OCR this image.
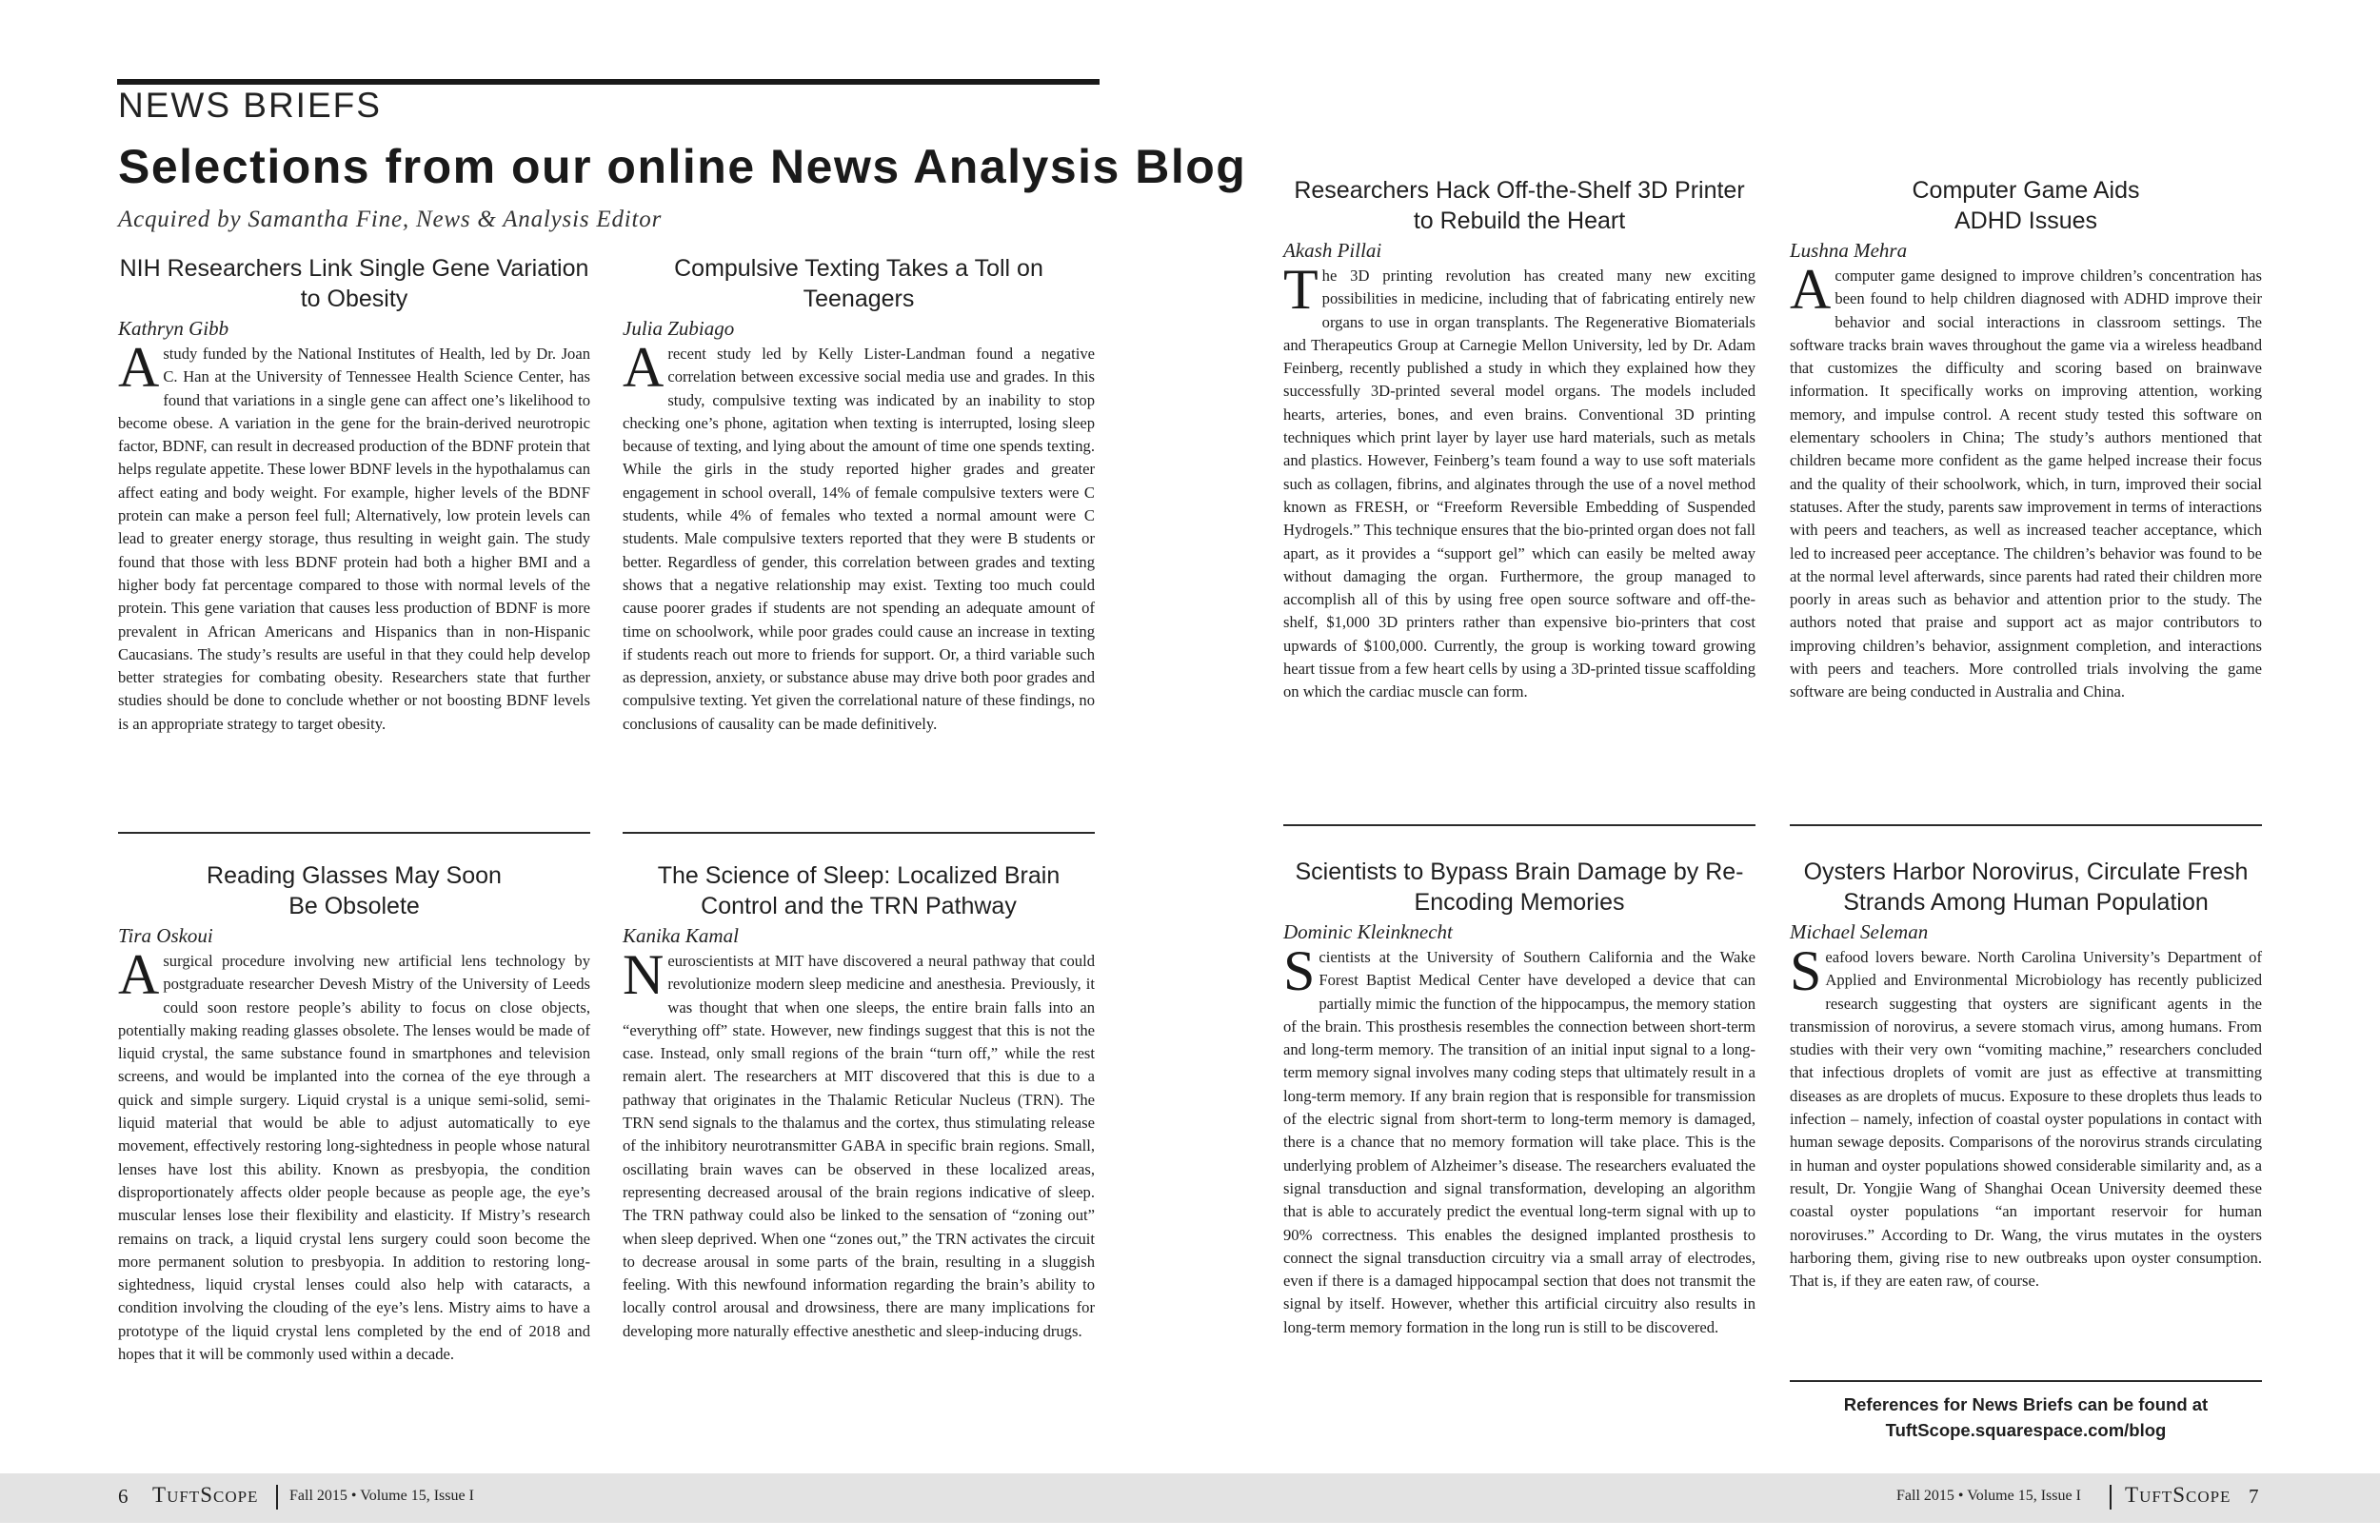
NEWS BRIEFS
Selections from our online News Analysis Blog
Acquired by Samantha Fine, News & Analysis Editor
NIH Researchers Link Single Gene Variation to Obesity
Kathryn Gibb

Astudy funded by the National Institutes of Health, led by Dr. Joan C. Han at the University of Tennessee Health Science Center, has found that variations in a single gene can affect one’s likelihood to become obese. A variation in the gene for the brain-derived neurotropic factor, BDNF, can result in decreased production of the BDNF protein that helps regulate appetite. These lower BDNF levels in the hypothalamus can affect eating and body weight. For example, higher levels of the BDNF protein can make a person feel full; Alternatively, low protein levels can lead to greater energy storage, thus resulting in weight gain. The study found that those with less BDNF protein had both a higher BMI and a higher body fat percentage compared to those with normal levels of the protein. This gene variation that causes less production of BDNF is more prevalent in African Americans and Hispanics than in non-Hispanic Caucasians. The study’s results are useful in that they could help develop better strategies for combating obesity. Researchers state that further studies should be done to conclude whether or not boosting BDNF levels is an appropriate strategy to target obesity.

Compulsive Texting Takes a Toll on Teenagers
Julia Zubiago

Arecent study led by Kelly Lister-Landman found a negative correlation between excessive social media use and grades. In this study, compulsive texting was indicated by an inability to stop checking one’s phone, agitation when texting is interrupted, losing sleep because of texting, and lying about the amount of time one spends texting. While the girls in the study reported higher grades and greater engagement in school overall, 14% of female compulsive texters were C students, while 4% of females who texted a normal amount were C students. Male compulsive texters reported that they were B students or better. Regardless of gender, this correlation between grades and texting shows that a negative relationship may exist. Texting too much could cause poorer grades if students are not spending an adequate amount of time on schoolwork, while poor grades could cause an increase in texting if students reach out more to friends for support. Or, a third variable such as depression, anxiety, or substance abuse may drive both poor grades and compulsive texting. Yet given the correlational nature of these findings, no conclusions of causality can be made definitively.

Researchers Hack Off-the-Shelf 3D Printer to Rebuild the Heart
Akash Pillai

The 3D printing revolution has created many new exciting possibilities in medicine, including that of fabricating entirely new organs to use in organ transplants. The Regenerative Biomaterials and Therapeutics Group at Carnegie Mellon University, led by Dr. Adam Feinberg, recently published a study in which they explained how they successfully 3D-printed several model organs. The models included hearts, arteries, bones, and even brains. Conventional 3D printing techniques which print layer by layer use hard materials, such as metals and plastics. However, Feinberg’s team found a way to use soft materials such as collagen, fibrins, and alginates through the use of a novel method known as FRESH, or “Freeform Reversible Embedding of Suspended Hydrogels.” This technique ensures that the bio-printed organ does not fall apart, as it provides a “support gel” which can easily be melted away without damaging the organ. Furthermore, the group managed to accomplish all of this by using free open source software and off-the-shelf, $1,000 3D printers rather than expensive bio-printers that cost upwards of $100,000. Currently, the group is working toward growing heart tissue from a few heart cells by using a 3D-printed tissue scaffolding on which the cardiac muscle can form.

Computer Game Aids ADHD Issues
Lushna Mehra

Acomputer game designed to improve children’s concentration has been found to help children diagnosed with ADHD improve their behavior and social interactions in classroom settings. The software tracks brain waves throughout the game via a wireless headband that customizes the difficulty and scoring based on brainwave information. It specifically works on improving attention, working memory, and impulse control. A recent study tested this software on elementary schoolers in China; The study’s authors mentioned that children became more confident as the game helped increase their focus and the quality of their schoolwork, which, in turn, improved their social statuses. After the study, parents saw improvement in terms of interactions with peers and teachers, as well as increased teacher acceptance, which led to increased peer acceptance. The children’s behavior was found to be at the normal level afterwards, since parents had rated their children more poorly in areas such as behavior and attention prior to the study. The authors noted that praise and support act as major contributors to improving children’s behavior, assignment completion, and interactions with peers and teachers. More controlled trials involving the game software are being conducted in Australia and China.

Reading Glasses May Soon Be Obsolete
Tira Oskoui

Asurgical procedure involving new artificial lens technology by postgraduate researcher Devesh Mistry of the University of Leeds could soon restore people’s ability to focus on close objects, potentially making reading glasses obsolete. The lenses would be made of liquid crystal, the same substance found in smartphones and television screens, and would be implanted into the cornea of the eye through a quick and simple surgery. Liquid crystal is a unique semi-solid, semi-liquid material that would be able to adjust automatically to eye movement, effectively restoring long-sightedness in people whose natural lenses have lost this ability. Known as presbyopia, the condition disproportionately affects older people because as people age, the eye’s muscular lenses lose their flexibility and elasticity. If Mistry’s research remains on track, a liquid crystal lens surgery could soon become the more permanent solution to presbyopia. In addition to restoring long-sightedness, liquid crystal lenses could also help with cataracts, a condition involving the clouding of the eye’s lens. Mistry aims to have a prototype of the liquid crystal lens completed by the end of 2018 and hopes that it will be commonly used within a decade.

The Science of Sleep: Localized Brain Control and the TRN Pathway
Kanika Kamal

Neuroscientists at MIT have discovered a neural pathway that could revolutionize modern sleep medicine and anesthesia. Previously, it was thought that when one sleeps, the entire brain falls into an “everything off” state. However, new findings suggest that this is not the case. Instead, only small regions of the brain “turn off,” while the rest remain alert. The researchers at MIT discovered that this is due to a pathway that originates in the Thalamic Reticular Nucleus (TRN). The TRN send signals to the thalamus and the cortex, thus stimulating release of the inhibitory neurotransmitter GABA in specific brain regions. Small, oscillating brain waves can be observed in these localized areas, representing decreased arousal of the brain regions indicative of sleep. The TRN pathway could also be linked to the sensation of “zoning out” when sleep deprived. When one “zones out,” the TRN activates the circuit to decrease arousal in some parts of the brain, resulting in a sluggish feeling. With this newfound information regarding the brain’s ability to locally control arousal and drowsiness, there are many implications for developing more naturally effective anesthetic and sleep-inducing drugs.

Scientists to Bypass Brain Damage by Re-Encoding Memories
Dominic Kleinknecht

Scientists at the University of Southern California and the Wake Forest Baptist Medical Center have developed a device that can partially mimic the function of the hippocampus, the memory station of the brain. This prosthesis resembles the connection between short-term and long-term memory. The transition of an initial input signal to a long-term memory signal involves many coding steps that ultimately result in a long-term memory. If any brain region that is responsible for transmission of the electric signal from short-term to long-term memory is damaged, there is a chance that no memory formation will take place. This is the underlying problem of Alzheimer’s disease. The researchers evaluated the signal transduction and signal transformation, developing an algorithm that is able to accurately predict the eventual long-term signal with up to 90% correctness. This enables the designed implanted prosthesis to connect the signal transduction circuitry via a small array of electrodes, even if there is a damaged hippocampal section that does not transmit the signal by itself. However, whether this artificial circuitry also results in long-term memory formation in the long run is still to be discovered.

Oysters Harbor Norovirus, Circulate Fresh Strands Among Human Population
Michael Seleman

Seafood lovers beware. North Carolina University’s Department of Applied and Environmental Microbiology has recently publicized research suggesting that oysters are significant agents in the transmission of norovirus, a severe stomach virus, among humans. From studies with their very own “vomiting machine,” researchers concluded that infectious droplets of vomit are just as effective at transmitting diseases as are droplets of mucus. Exposure to these droplets thus leads to infection – namely, infection of coastal oyster populations in contact with human sewage deposits. Comparisons of the norovirus strands circulating in human and oyster populations showed considerable similarity and, as a result, Dr. Yongjie Wang of Shanghai Ocean University deemed these coastal oyster populations “an important reservoir for human noroviruses.” According to Dr. Wang, the virus mutates in the oysters harboring them, giving rise to new outbreaks upon oyster consumption. That is, if they are eaten raw, of course.

References for News Briefs can be found at
TuftScope.squarespace.com/blog
6 TUFTSCOPE Fall 2015 • Volume 15, Issue I	Fall 2015 • Volume 15, Issue I TUFTSCOPE 7
